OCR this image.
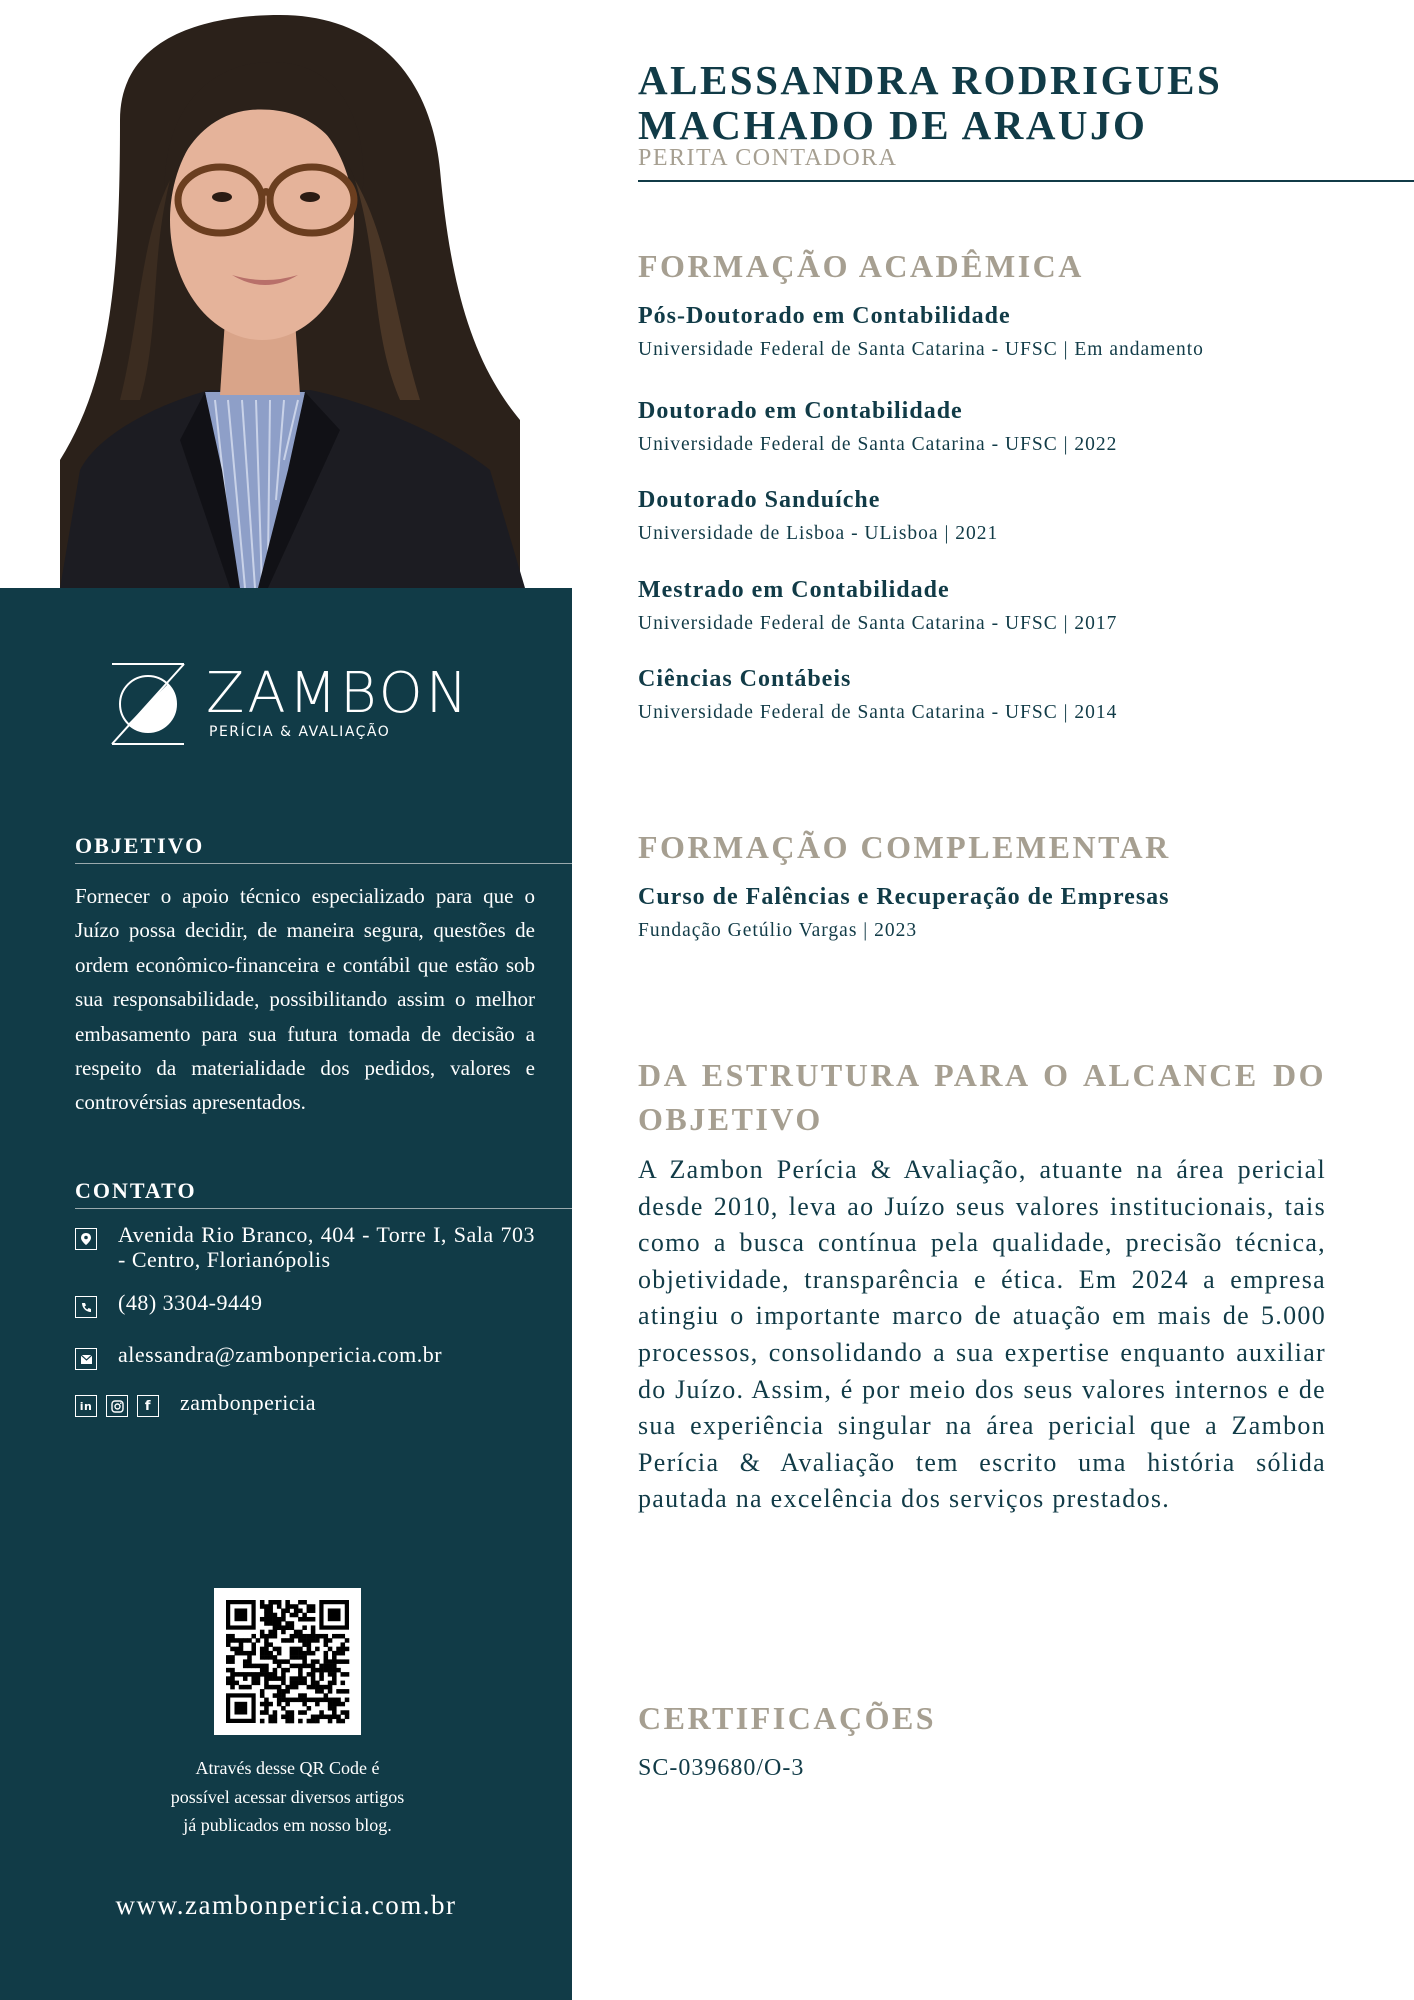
ZAMBON
PERÍCIA & AVALIAÇÃO
OBJETIVO
Fornecer o apoio técnico especializado para que o Juízo possa decidir, de maneira segura, questões de ordem econômico-financeira e contábil que estão sob sua responsabilidade, possibilitando assim o melhor embasamento para sua futura tomada de decisão a respeito da materialidade dos pedidos, valores e controvérsias apresentados.
CONTATO
Avenida Rio Branco, 404 - Torre I, Sala 703 - Centro, Florianópolis
(48) 3304-9449
alessandra@zambonpericia.com.br
in	f zambonpericia
Através desse QR Code é
possível acessar diversos artigos
já publicados em nosso blog.
www.zambonpericia.com.br
ALESSANDRA RODRIGUES
MACHADO DE ARAUJO
PERITA CONTADORA
FORMAÇÃO ACADÊMICA
Pós-Doutorado em Contabilidade
Universidade Federal de Santa Catarina - UFSC | Em andamento
Doutorado em Contabilidade
Universidade Federal de Santa Catarina - UFSC | 2022
Doutorado Sanduíche
Universidade de Lisboa - ULisboa | 2021
Mestrado em Contabilidade
Universidade Federal de Santa Catarina - UFSC | 2017
Ciências Contábeis
Universidade Federal de Santa Catarina - UFSC | 2014
FORMAÇÃO COMPLEMENTAR
Curso de Falências e Recuperação de Empresas
Fundação Getúlio Vargas | 2023
DA ESTRUTURA PARA O ALCANCE DO OBJETIVO
A Zambon Perícia & Avaliação, atuante na área pericial desde 2010, leva ao Juízo seus valores institucionais, tais como a busca contínua pela qualidade, precisão técnica, objetividade, transparência e ética. Em 2024 a empresa atingiu o importante marco de atuação em mais de 5.000 processos, consolidando a sua expertise enquanto auxiliar do Juízo. Assim, é por meio dos seus valores internos e de sua experiência singular na área pericial que a Zambon Perícia & Avaliação tem escrito uma história sólida pautada na excelência dos serviços prestados.
CERTIFICAÇÕES
SC-039680/O-3
